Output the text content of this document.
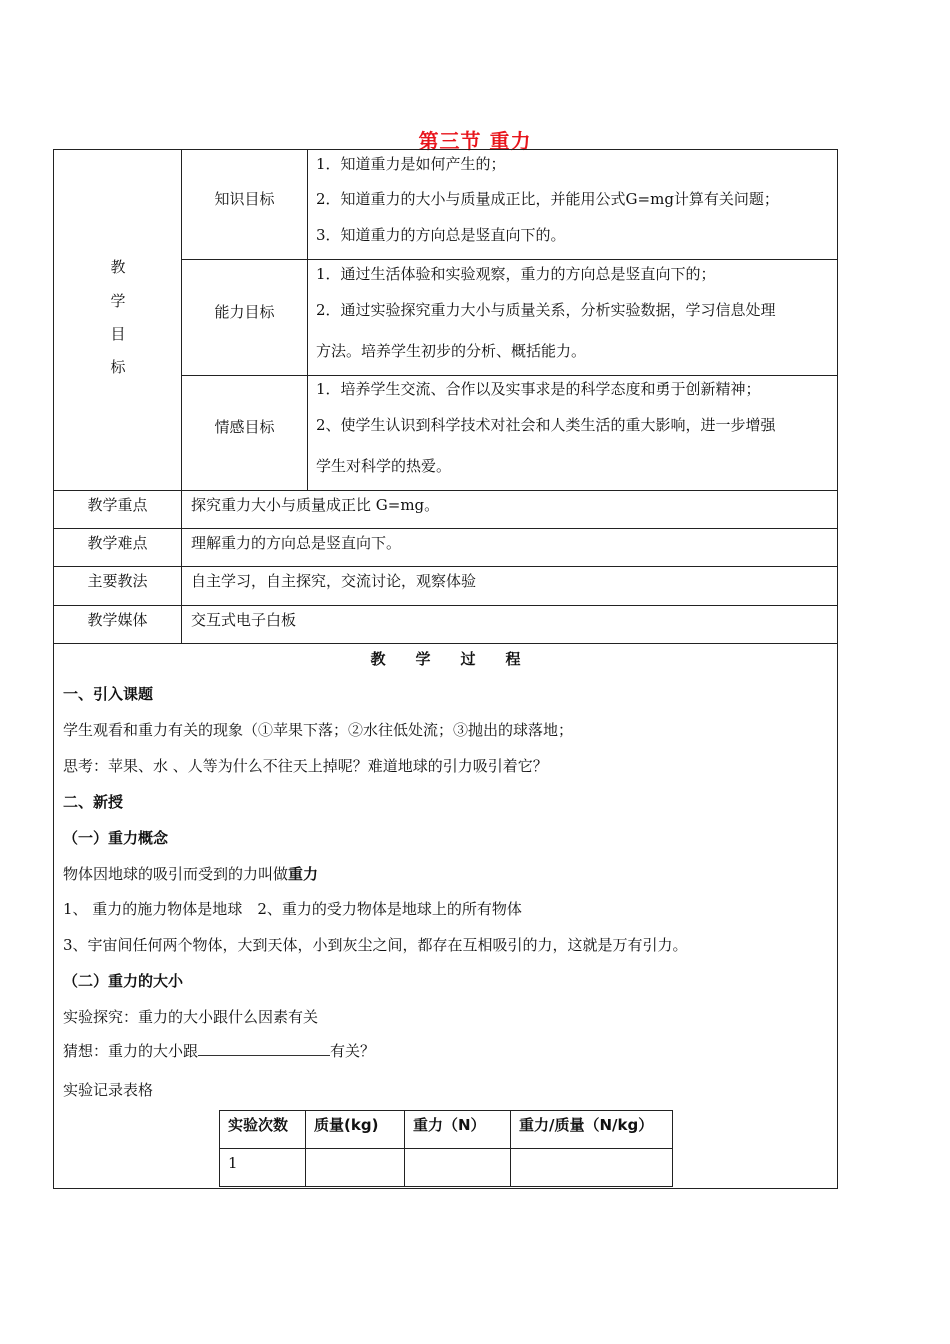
第三节 重力
教
学
目
标
知识目标
1．知道重力是如何产生的；
2．知道重力的大小与质量成正比，并能用公式G=mg计算有关问题；
3．知道重力的方向总是竖直向下的。
能力目标
1．通过生活体验和实验观察，重力的方向总是竖直向下的；
2．通过实验探究重力大小与质量关系，分析实验数据，学习信息处理
方法。培养学生初步的分析、概括能力。
情感目标
1．培养学生交流、合作以及实事求是的科学态度和勇于创新精神；
2、使学生认识到科学技术对社会和人类生活的重大影响，进一步增强
学生对科学的热爱。
教学重点	探究重力大小与质量成正比 G=mg。
教学难点	理解重力的方向总是竖直向下。
主要教法	自主学习，自主探究，交流讨论，观察体验
教学媒体	交互式电子白板
教　　学　　过　　程
一、引入课题
学生观看和重力有关的现象（①苹果下落；②水往低处流；③抛出的球落地；
思考：苹果、水 、人等为什么不往天上掉呢？难道地球的引力吸引着它？
二、新授
（一）重力概念
物体因地球的吸引而受到的力叫做重力
1、 重力的施力物体是地球　2、重力的受力物体是地球上的所有物体
3、宇宙间任何两个物体，大到天体，小到灰尘之间，都存在互相吸引的力，这就是万有引力。
（二）重力的大小
实验探究：重力的大小跟什么因素有关
猜想：重力的大小跟	有关？
实验记录表格
实验次数	质量(kg)	重力（N）	重力/质量（N/kg）
1			
